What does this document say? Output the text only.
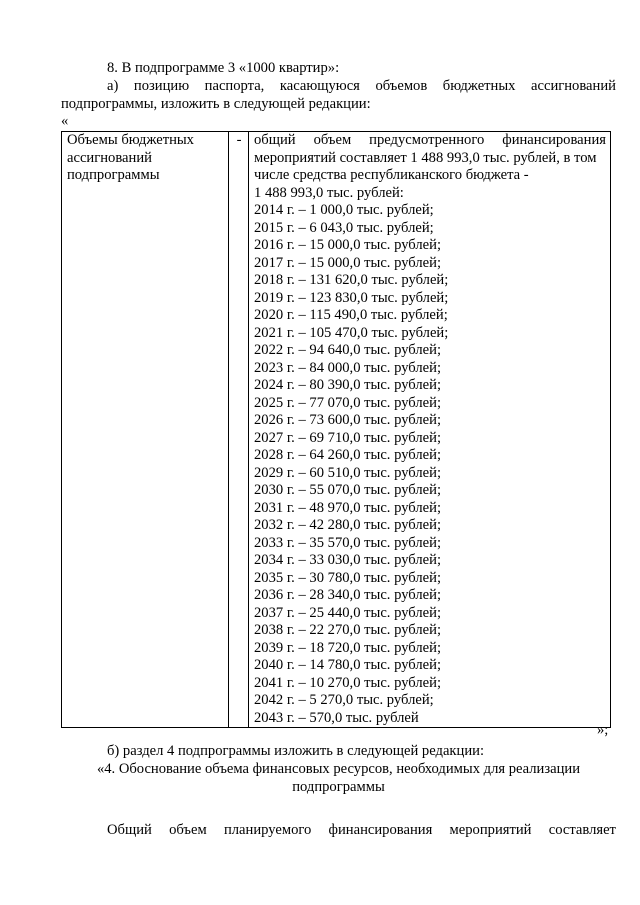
8. В подпрограмме 3 «1000 квартир»:
а) позицию паспорта, касающуюся объемов бюджетных ассигнований
подпрограммы, изложить в следующей редакции:
«
Объемы бюджетных
ассигнований
подпрограммы
	-	общий объем предусмотренного финансирования
мероприятий составляет 1 488 993,0 тыс. рублей, в том
числе средства республиканского бюджета -
1 488 993,0 тыс. рублей:
2014 г. – 1 000,0 тыс. рублей;
2015 г. – 6 043,0 тыс. рублей;
2016 г. – 15 000,0 тыс. рублей;
2017 г. – 15 000,0 тыс. рублей;
2018 г. – 131 620,0 тыс. рублей;
2019 г. – 123 830,0 тыс. рублей;
2020 г. – 115 490,0 тыс. рублей;
2021 г. – 105 470,0 тыс. рублей;
2022 г. – 94 640,0 тыс. рублей;
2023 г. – 84 000,0 тыс. рублей;
2024 г. – 80 390,0 тыс. рублей;
2025 г. – 77 070,0 тыс. рублей;
2026 г. – 73 600,0 тыс. рублей;
2027 г. – 69 710,0 тыс. рублей;
2028 г. – 64 260,0 тыс. рублей;
2029 г. – 60 510,0 тыс. рублей;
2030 г. – 55 070,0 тыс. рублей;
2031 г. – 48 970,0 тыс. рублей;
2032 г. – 42 280,0 тыс. рублей;
2033 г. – 35 570,0 тыс. рублей;
2034 г. – 33 030,0 тыс. рублей;
2035 г. – 30 780,0 тыс. рублей;
2036 г. – 28 340,0 тыс. рублей;
2037 г. – 25 440,0 тыс. рублей;
2038 г. – 22 270,0 тыс. рублей;
2039 г. – 18 720,0 тыс. рублей;
2040 г. – 14 780,0 тыс. рублей;
2041 г. – 10 270,0 тыс. рублей;
2042 г. – 5 270,0 тыс. рублей;
2043 г. – 570,0 тыс. рублей
»;
б) раздел 4 подпрограммы изложить в следующей редакции:
«4. Обоснование объема финансовых ресурсов, необходимых для реализации
подпрограммы
Общий объем планируемого финансирования мероприятий составляет
